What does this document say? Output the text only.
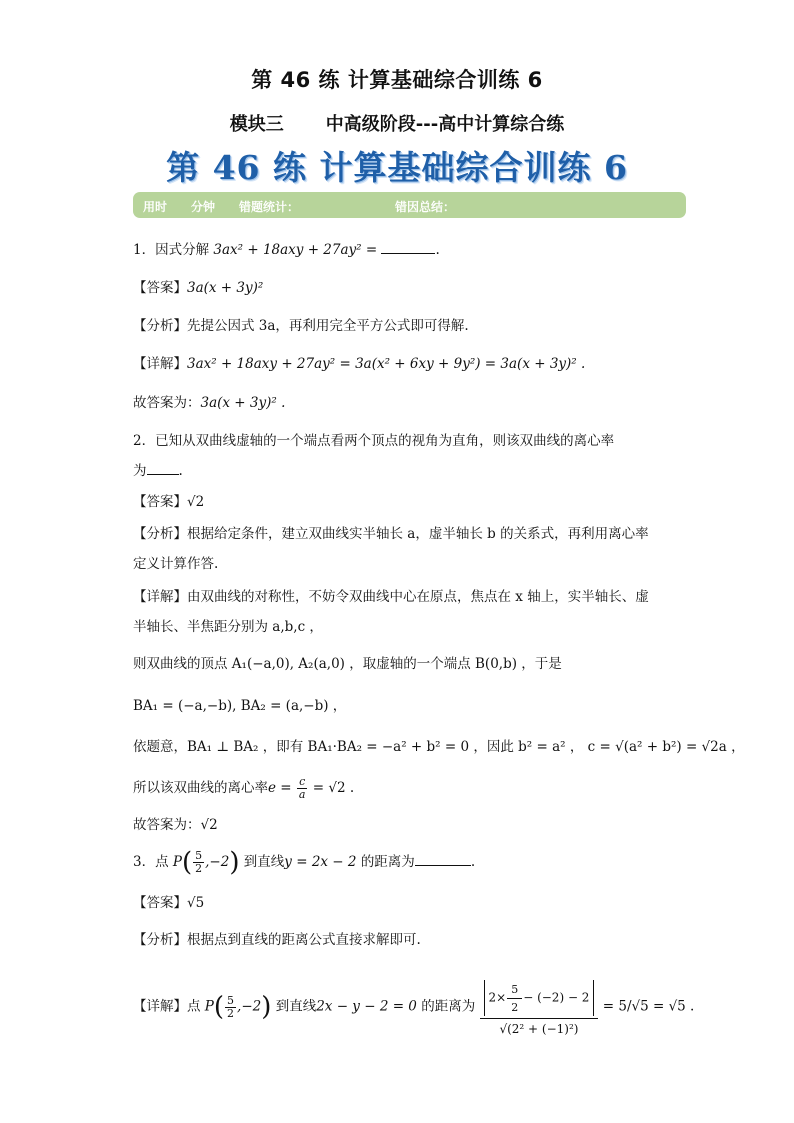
第 46 练 计算基础综合训练 6
模块三 中高级阶段---高中计算综合练
第 46 练 计算基础综合训练 6
用时 分钟 错题统计：	错因总结：
1．因式分解 3ax² + 18axy + 27ay² =	.
【答案】3a(x + 3y)²
【分析】先提公因式 3a，再利用完全平方公式即可得解.
【详解】3ax² + 18axy + 27ay² = 3a(x² + 6xy + 9y²) = 3a(x + 3y)² .
故答案为：3a(x + 3y)² .
2．已知从双曲线虚轴的一个端点看两个顶点的视角为直角，则该双曲线的离心率
为 .
【答案】√2
【分析】根据给定条件，建立双曲线实半轴长 a，虚半轴长 b 的关系式，再利用离心率
定义计算作答.
【详解】由双曲线的对称性，不妨令双曲线中心在原点，焦点在 x 轴上，实半轴长、虚
半轴长、半焦距分别为 a,b,c ，
则双曲线的顶点 A₁(−a,0), A₂(a,0) ，取虚轴的一个端点 B(0,b) ，于是
BA₁ = (−a,−b), BA₂ = (a,−b) ，
依题意，BA₁ ⊥ BA₂ ，即有 BA₁·BA₂ = −a² + b² = 0 ，因此 b² = a² ， c = √(a² + b²) = √2a ，
所以该双曲线的离心率$e = \frac{c}{a} = √2$ .
故答案为：√2
3．点 $P( \frac{5}{2} ,-2)$ 到直线y = 2x − 2 的距离为	.
【答案】√5
【分析】根据点到直线的距离公式直接求解即可.
【详解】点 $P( \frac{5}{2} ,-2)$ 到直线2x − y − 2 = 0 的距离为 $\frac{2\times \frac{5}{2} - (-2) - 2}{\text{√(2² + (−1)²)}} = 5/√5 = √5$ .
